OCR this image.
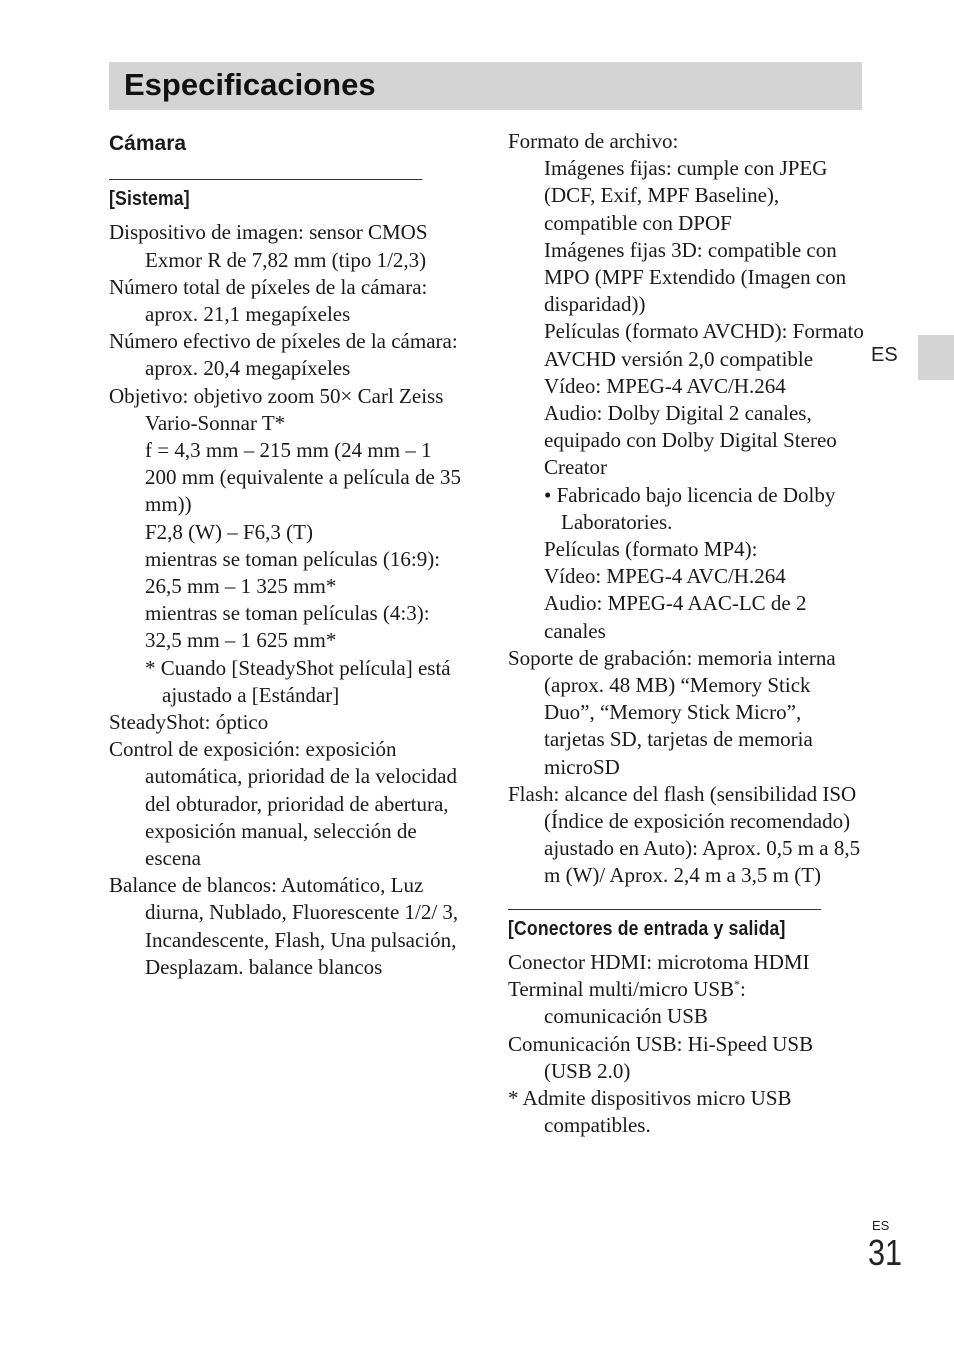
Especificaciones
Cámara
[Sistema]

Dispositivo de imagen: sensor CMOS Exmor R de 7,82 mm (tipo 1/2,3)

Número total de píxeles de la cámara: aprox. 21,1 megapíxeles

Número efectivo de píxeles de la cámara:

aprox. 20,4 megapíxeles

Objetivo: objetivo zoom 50× Carl Zeiss Vario-Sonnar T*

f = 4,3 mm – 215 mm (24 mm – 1 200 mm (equivalente a película de 35 mm))

F2,8 (W) – F6,3 (T)

mientras se toman películas (16:9): 26,5 mm – 1 325 mm*

mientras se toman películas (4:3): 32,5 mm – 1 625 mm*

* Cuando [SteadyShot película] está ajustado a [Estándar]

SteadyShot: óptico

Control de exposición: exposición automática, prioridad de la velocidad del obturador, prioridad de abertura, exposición manual, selección de escena

Balance de blancos: Automático, Luz diurna, Nublado, Fluorescente 1/2/ 3, Incandescente, Flash, Una pulsación, Desplazam. balance blancos

Formato de archivo:

Imágenes fijas: cumple con JPEG (DCF, Exif, MPF Baseline), compatible con DPOF

Imágenes fijas 3D: compatible con MPO (MPF Extendido (Imagen con disparidad))

Películas (formato AVCHD): Formato AVCHD versión 2,0 compatible

Vídeo: MPEG-4 AVC/H.264

Audio: Dolby Digital 2 canales, equipado con Dolby Digital Stereo Creator

• Fabricado bajo licencia de Dolby Laboratories.

Películas (formato MP4):

Vídeo: MPEG-4 AVC/H.264

Audio: MPEG-4 AAC-LC de 2 canales

Soporte de grabación: memoria interna (aprox. 48 MB) “Memory Stick Duo”, “Memory Stick Micro”, tarjetas SD, tarjetas de memoria microSD

Flash: alcance del flash (sensibilidad ISO (Índice de exposición recomendado) ajustado en Auto): Aprox. 0,5 m a 8,5 m (W)/ Aprox. 2,4 m a 3,5 m (T)

[Conectores de entrada y salida]

Conector HDMI: microtoma HDMI

Terminal multi/micro USB*: comunicación USB

Comunicación USB: Hi-Speed USB (USB 2.0)

* Admite dispositivos micro USB compatibles.

ES
ES
31
